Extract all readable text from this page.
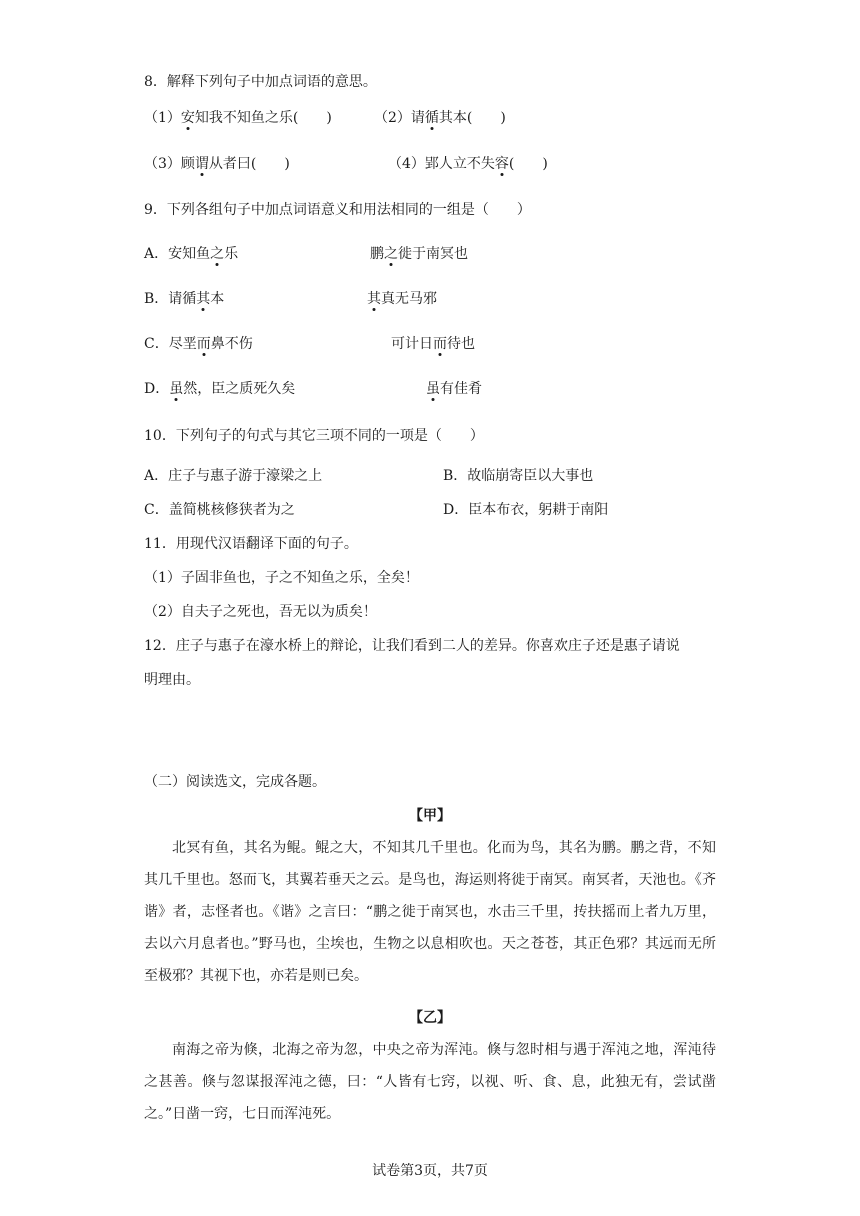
8．解释下列句子中加点词语的意思。
（1）安知我不知鱼之乐(　　)	（2）请循其本(　　)
（3）顾谓从者曰(　　)	（4）郢人立不失容(　　)
9．下列各组句子中加点词语意义和用法相同的一组是（　　）
A．安知鱼之乐	鹏之徙于南冥也
B．请循其本	其真无马邪
C．尽垩而鼻不伤	可计日而待也
D．虽然，臣之质死久矣	虽有佳肴
10．下列句子的句式与其它三项不同的一项是（　　）
A．庄子与惠子游于濠梁之上	B．故临崩寄臣以大事也
C．盖简桃核修狭者为之	D．臣本布衣，躬耕于南阳
11．用现代汉语翻译下面的句子。
（1）子固非鱼也，子之不知鱼之乐，全矣！
（2）自夫子之死也，吾无以为质矣！
12．庄子与惠子在濠水桥上的辩论，让我们看到二人的差异。你喜欢庄子还是惠子请说
明理由。
（二）阅读选文，完成各题。
【甲】
北冥有鱼，其名为鲲。鲲之大，不知其几千里也。化而为鸟，其名为鹏。鹏之背，不知其几千里也。怒而飞，其翼若垂天之云。是鸟也，海运则将徙于南冥。南冥者，天池也。《齐谐》者，志怪者也。《谐》之言曰：“鹏之徙于南冥也，水击三千里，抟扶摇而上者九万里，去以六月息者也。”野马也，尘埃也，生物之以息相吹也。天之苍苍，其正色邪？其远而无所至极邪？其视下也，亦若是则已矣。
【乙】
南海之帝为倏，北海之帝为忽，中央之帝为浑沌。倏与忽时相与遇于浑沌之地，浑沌待之甚善。倏与忽谋报浑沌之德，曰：“人皆有七窍，以视、听、食、息，此独无有，尝试凿之。”日凿一窍，七日而浑沌死。
试卷第3页，共7页
